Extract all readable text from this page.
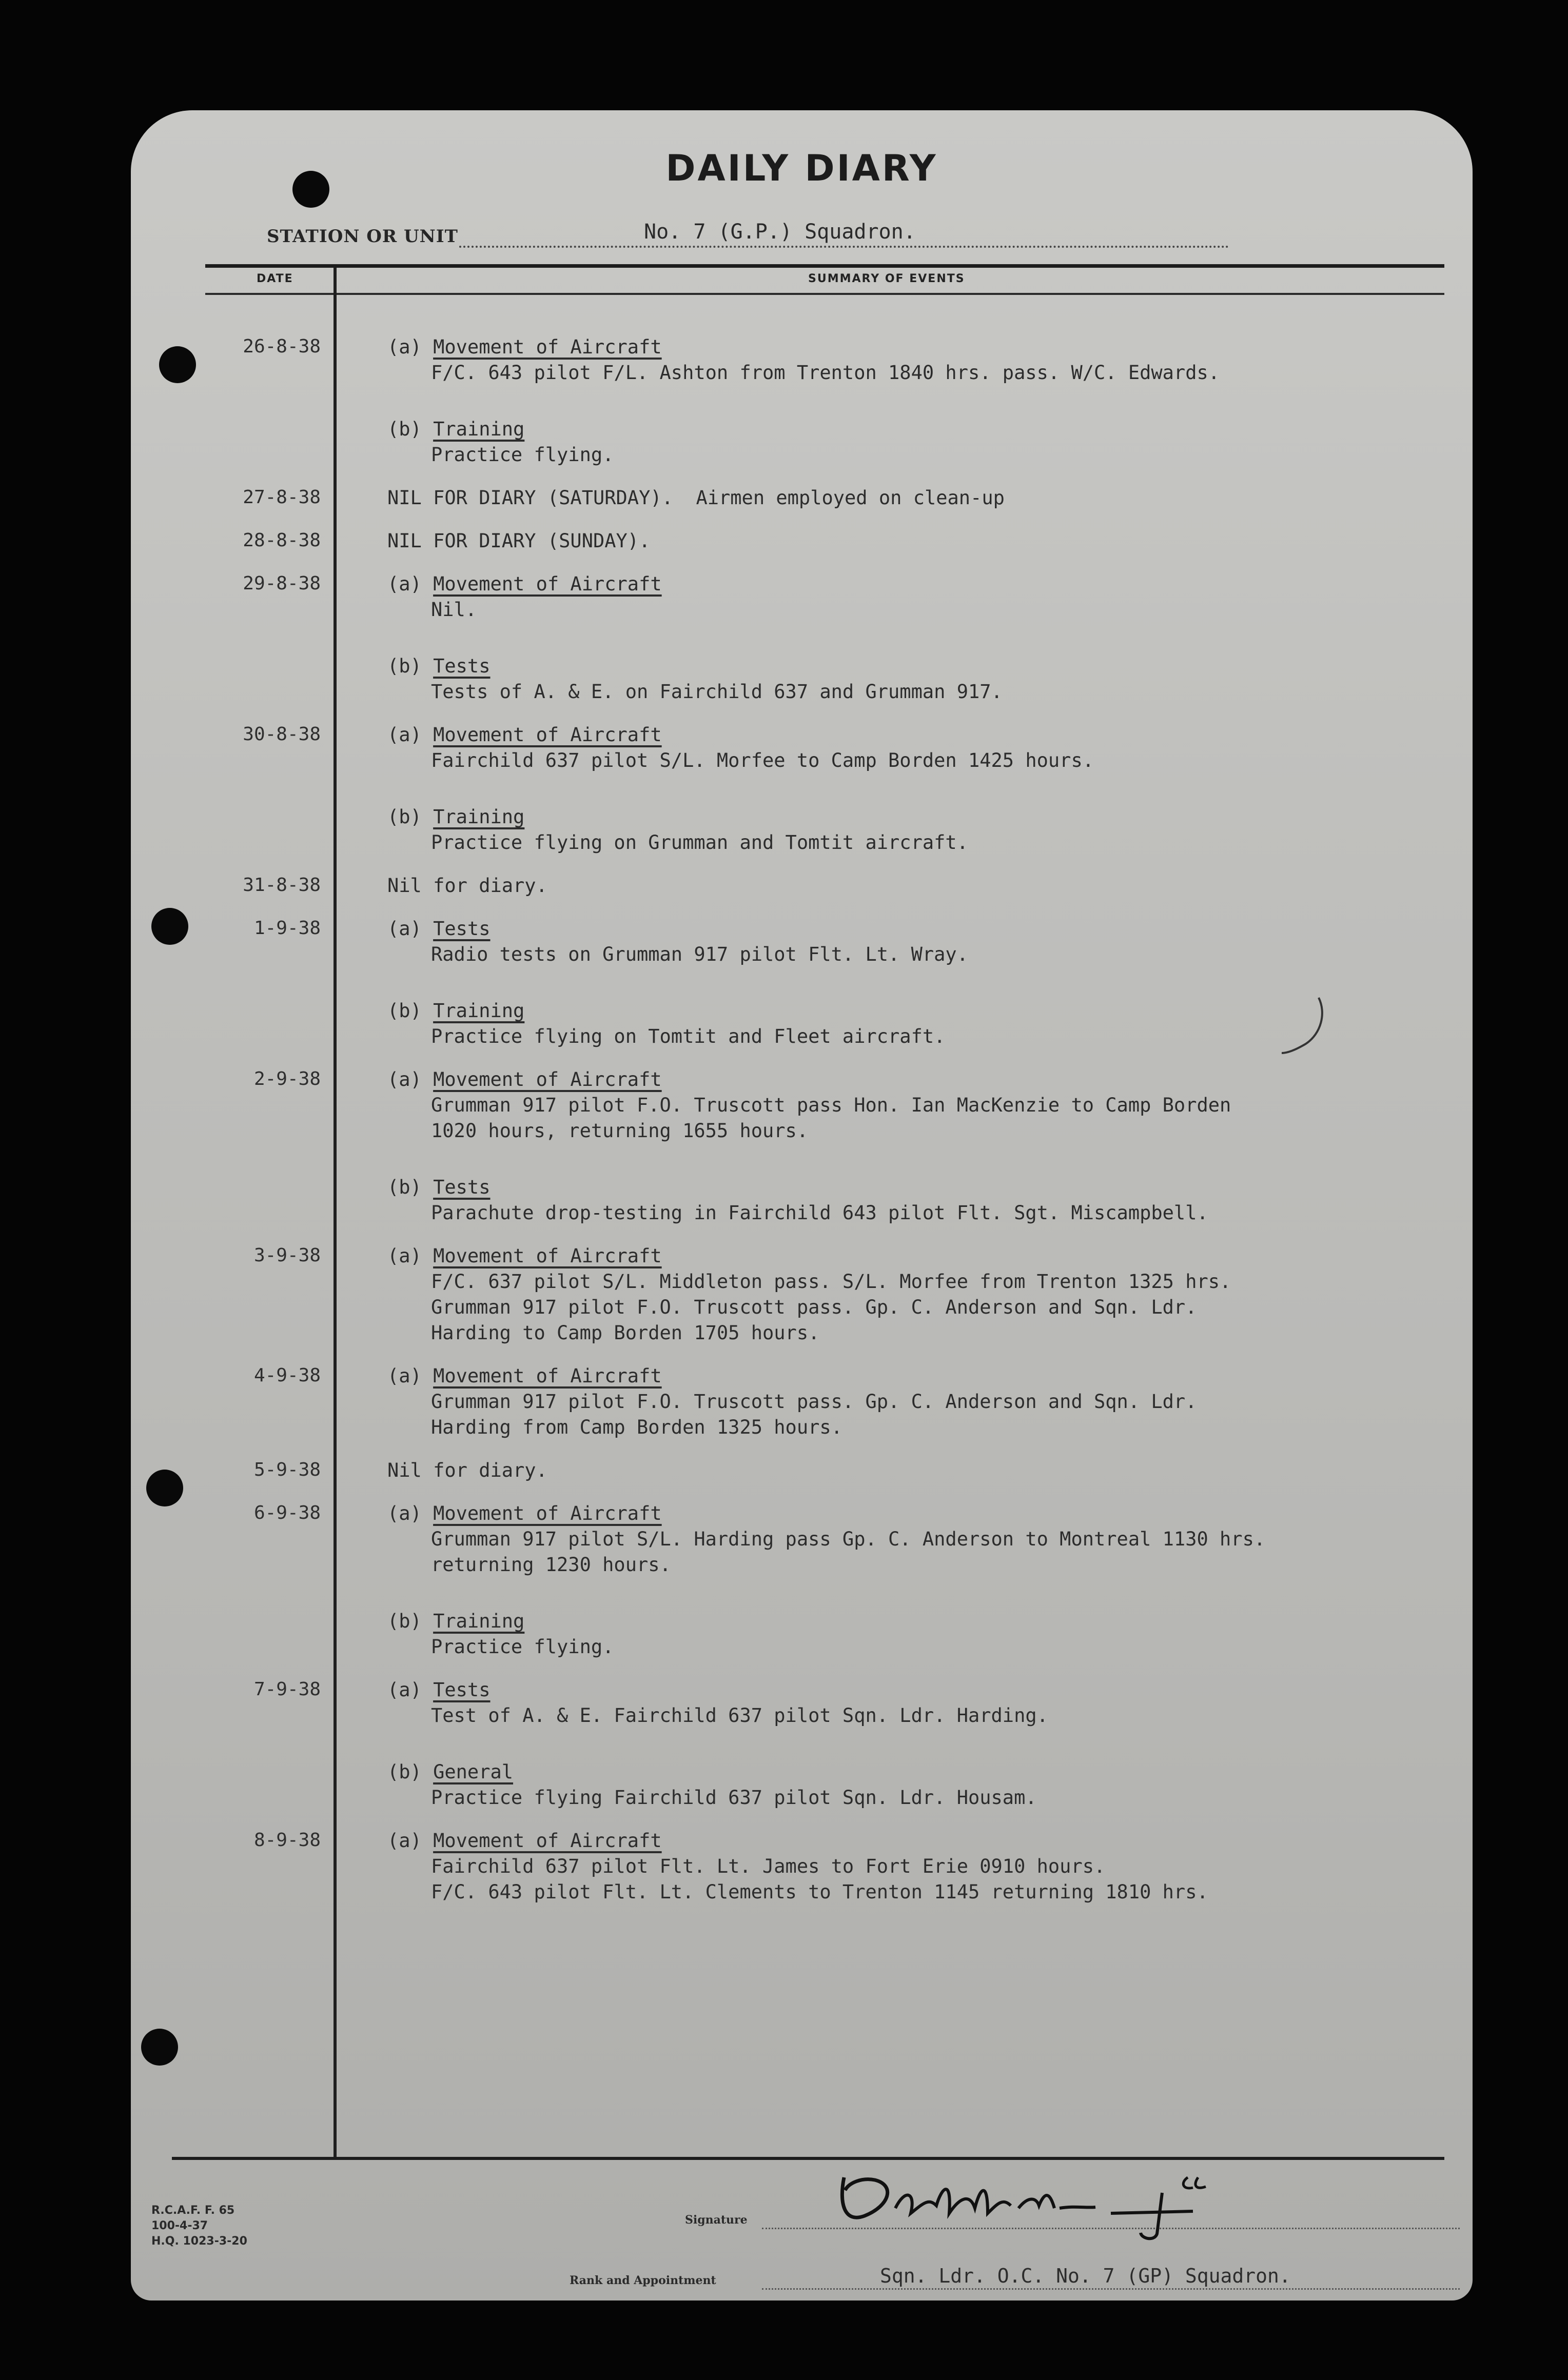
DAILY DIARY
STATION OR UNIT	No. 7 (G.P.) Squadron.
DATE	SUMMARY OF EVENTS
26-8-38	(a) Movement of Aircraft
F/C. 643 pilot F/L. Ashton from Trenton 1840 hrs. pass. W/C. Edwards.
(b) Training
Practice flying.
27-8-38	NIL FOR DIARY (SATURDAY).  Airmen employed on clean-up
28-8-38	NIL FOR DIARY (SUNDAY).
29-8-38	(a) Movement of Aircraft
Nil.
(b) Tests
Tests of A. & E. on Fairchild 637 and Grumman 917.
30-8-38	(a) Movement of Aircraft
Fairchild 637 pilot S/L. Morfee to Camp Borden 1425 hours.
(b) Training
Practice flying on Grumman and Tomtit aircraft.
31-8-38	Nil for diary.
1-9-38	(a) Tests
Radio tests on Grumman 917 pilot Flt. Lt. Wray.
(b) Training
Practice flying on Tomtit and Fleet aircraft.
2-9-38	(a) Movement of Aircraft
Grumman 917 pilot F.O. Truscott pass Hon. Ian MacKenzie to Camp Borden
1020 hours, returning 1655 hours.
(b) Tests
Parachute drop-testing in Fairchild 643 pilot Flt. Sgt. Miscampbell.
3-9-38	(a) Movement of Aircraft
F/C. 637 pilot S/L. Middleton pass. S/L. Morfee from Trenton 1325 hrs.
Grumman 917 pilot F.O. Truscott pass. Gp. C. Anderson and Sqn. Ldr.
Harding to Camp Borden 1705 hours.
4-9-38	(a) Movement of Aircraft
Grumman 917 pilot F.O. Truscott pass. Gp. C. Anderson and Sqn. Ldr.
Harding from Camp Borden 1325 hours.
5-9-38	Nil for diary.
6-9-38	(a) Movement of Aircraft
Grumman 917 pilot S/L. Harding pass Gp. C. Anderson to Montreal 1130 hrs.
returning 1230 hours.
(b) Training
Practice flying.
7-9-38	(a) Tests
Test of A. & E. Fairchild 637 pilot Sqn. Ldr. Harding.
(b) General
Practice flying Fairchild 637 pilot Sqn. Ldr. Housam.
8-9-38	(a) Movement of Aircraft
Fairchild 637 pilot Flt. Lt. James to Fort Erie 0910 hours.
F/C. 643 pilot Flt. Lt. Clements to Trenton 1145 returning 1810 hrs.
R.C.A.F. F. 65
100-4-37
H.Q. 1023-3-20
Signature
Rank and Appointment	Sqn. Ldr. O.C. No. 7 (GP) Squadron.
